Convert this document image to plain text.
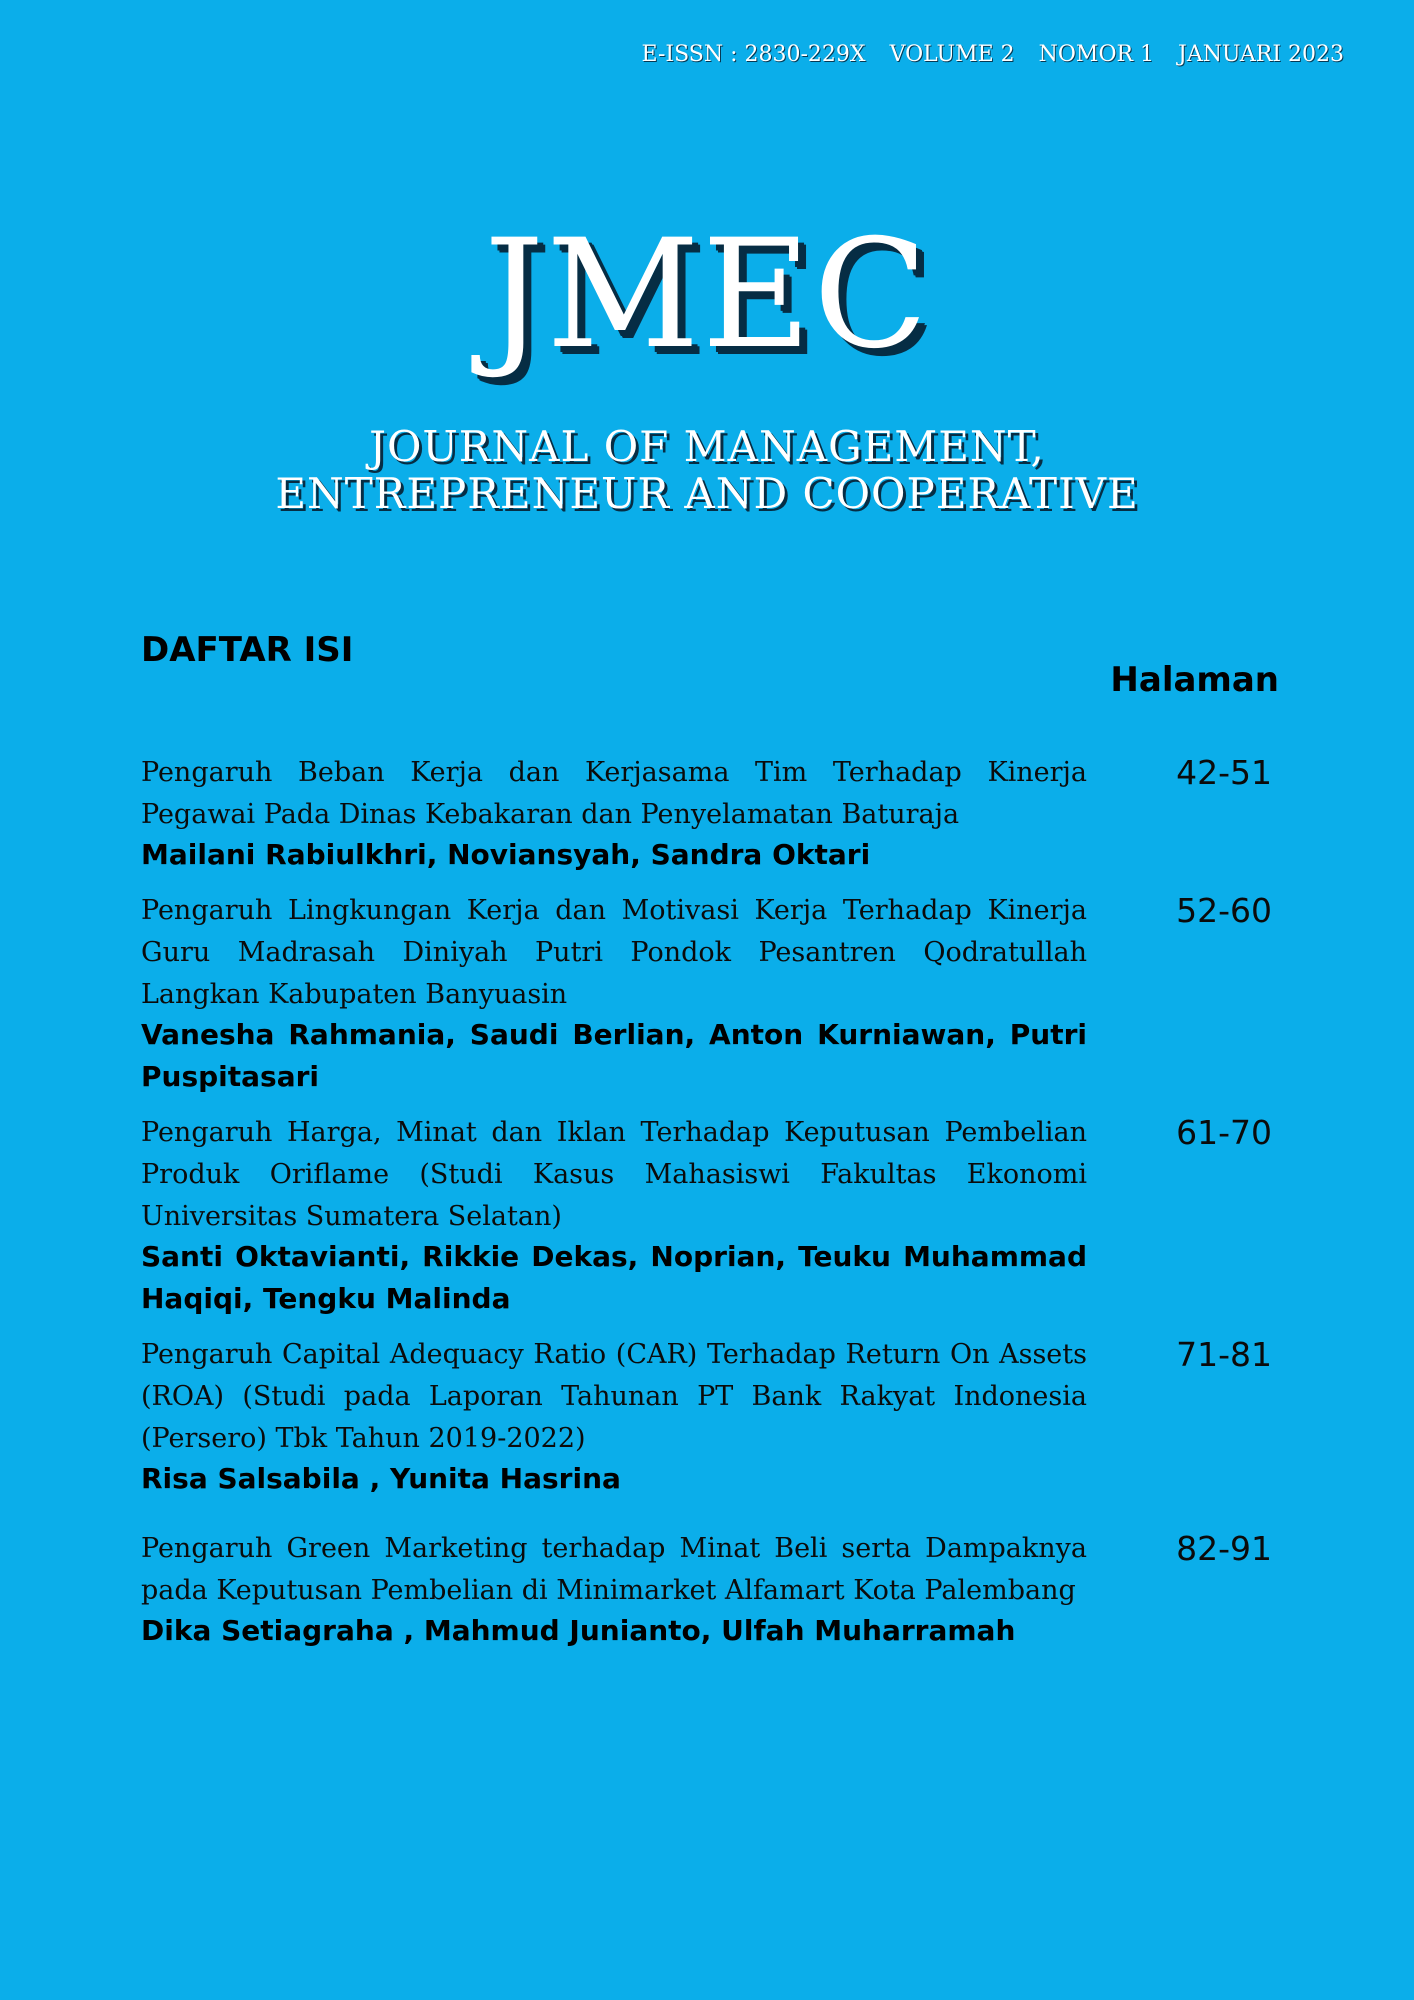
E-ISSN : 2830-229X VOLUME 2 NOMOR 1 JANUARI 2023
JMEC
JOURNAL OF MANAGEMENT,
ENTREPRENEUR AND COOPERATIVE
DAFTAR ISI
Halaman
Pengaruh Beban Kerja dan Kerjasama Tim Terhadap Kinerja Pegawai Pada Dinas Kebakaran dan Penyelamatan Baturaja
Mailani Rabiulkhri, Noviansyah, Sandra Oktari
42-51
Pengaruh Lingkungan Kerja dan Motivasi Kerja Terhadap Kinerja Guru Madrasah Diniyah Putri Pondok Pesantren Qodratullah Langkan Kabupaten Banyuasin
Vanesha Rahmania, Saudi Berlian, Anton Kurniawan, Putri Puspitasari
52-60
Pengaruh Harga, Minat dan Iklan Terhadap Keputusan Pembelian Produk Oriflame (Studi Kasus Mahasiswi Fakultas Ekonomi Universitas Sumatera Selatan)
Santi Oktavianti, Rikkie Dekas, Noprian, Teuku Muhammad Haqiqi, Tengku Malinda
61-70
Pengaruh Capital Adequacy Ratio (CAR) Terhadap Return On Assets (ROA) (Studi pada Laporan Tahunan PT Bank Rakyat Indonesia (Persero) Tbk Tahun 2019-2022)
Risa Salsabila , Yunita Hasrina
71-81
Pengaruh Green Marketing terhadap Minat Beli serta Dampaknya pada Keputusan Pembelian di Minimarket Alfamart Kota Palembang
Dika Setiagraha , Mahmud Junianto, Ulfah Muharramah
82-91
